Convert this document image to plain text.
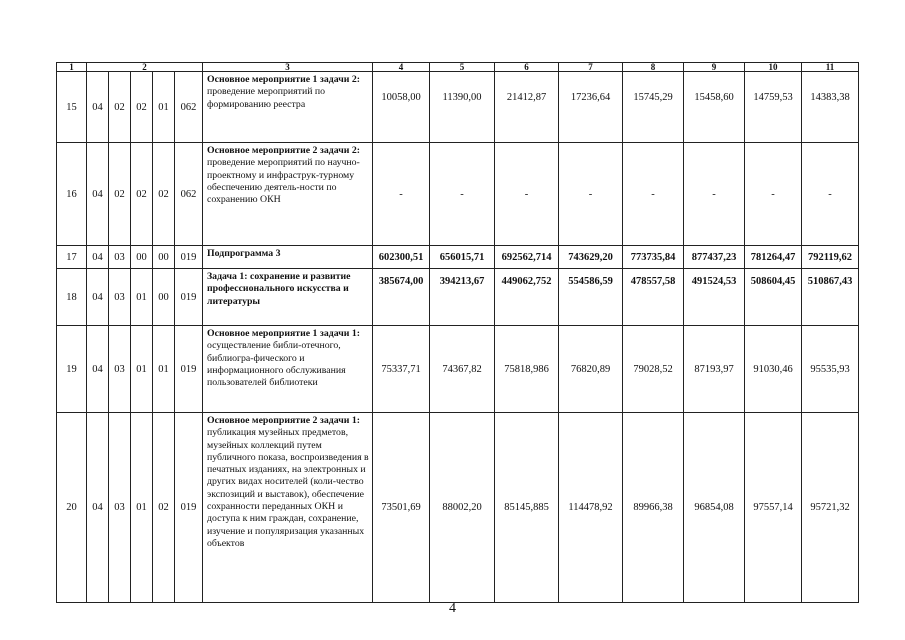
1	2					3	4	5	6	7	8	9	10	11
15	04	02	02	01	062	Основное мероприятие 1 задачи 2: проведение мероприятий по формированию реестра	10058,00	11390,00	21412,87	17236,64	15745,29	15458,60	14759,53	14383,38
16	04	02	02	02	062	Основное мероприятие 2 задачи 2: проведение мероприятий по научно-проектному и инфраструк-турному обеспечению деятель-ности по сохранению ОКН	-	-	-	-	-	-	-	-
17	04	03	00	00	019	Подпрограмма 3	602300,51	656015,71	692562,714	743629,20	773735,84	877437,23	781264,47	792119,62
18	04	03	01	00	019	Задача 1: сохранение и развитие профессионального искусства и литературы	385674,00	394213,67	449062,752	554586,59	478557,58	491524,53	508604,45	510867,43
19	04	03	01	01	019	Основное мероприятие 1 задачи 1: осуществление библи-отечного, библиогра-фического и информационного обслуживания пользователей библиотеки	75337,71	74367,82	75818,986	76820,89	79028,52	87193,97	91030,46	95535,93
20	04	03	01	02	019	Основное мероприятие 2 задачи 1: публикация музейных предметов, музейных коллекций путем публичного показа, воспроизведения в печатных изданиях, на электронных и других видах носителей (коли-чество экспозиций и выставок), обеспечение сохранности переданных ОКН и доступа к ним граждан, сохранение, изучение и популяризация указанных объектов	73501,69	88002,20	85145,885	114478,92	89966,38	96854,08	97557,14	95721,32
4
